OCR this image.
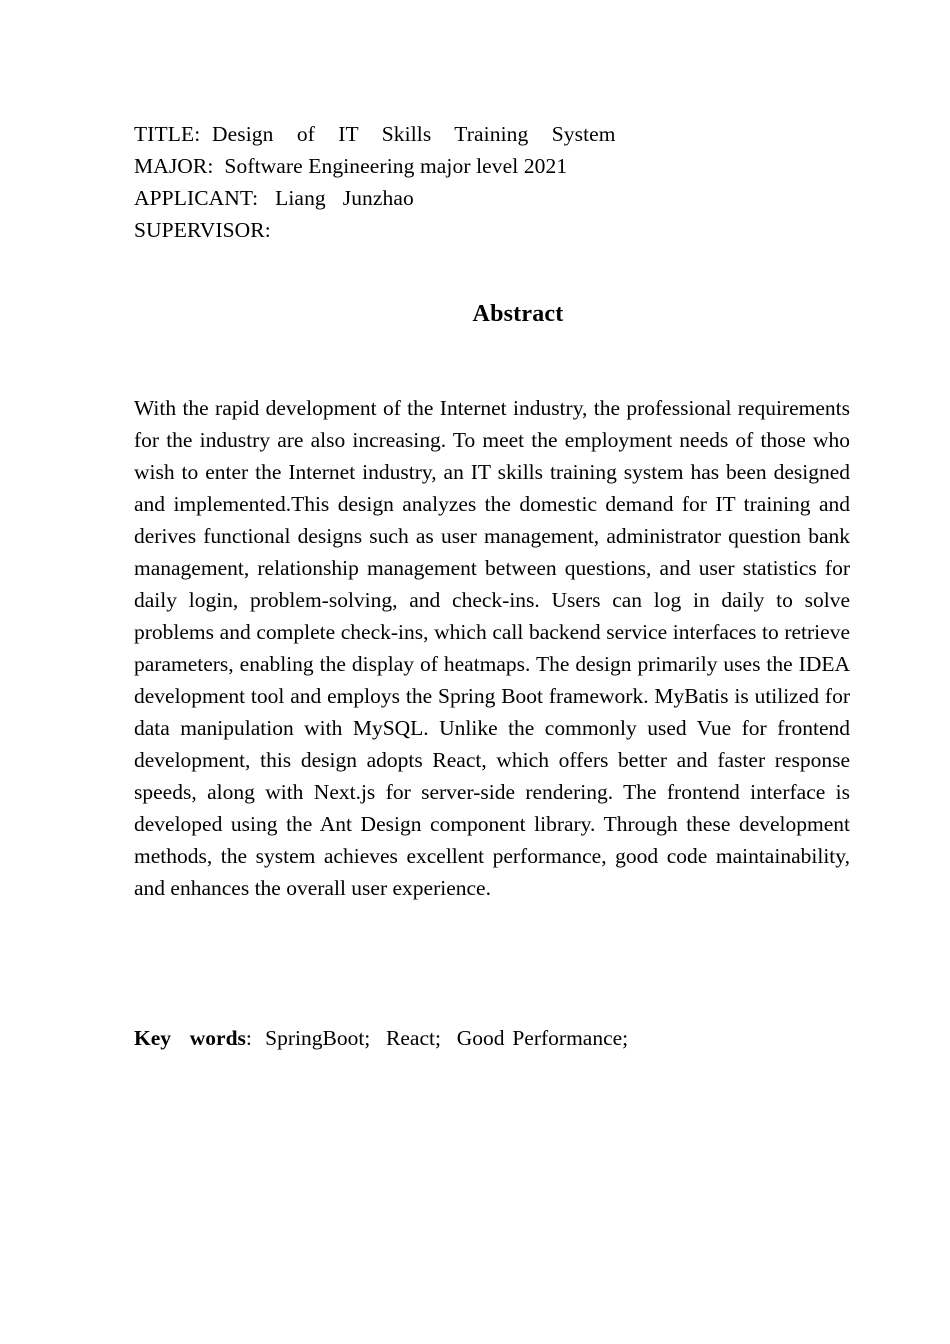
TITLE: Design  of  IT  Skills  Training  System
MAJOR: Software Engineering major level 2021
APPLICANT: Liang  Junzhao
SUPERVISOR:
Abstract
With the rapid development of the Internet industry, the professional requirements for the industry are also increasing. To meet the employment needs of those who wish to enter the Internet industry, an IT skills training system has been designed and implemented.This design analyzes the domestic demand for IT training and derives functional designs such as user management, administrator question bank management, relationship management between questions, and user statistics for daily login, problem-solving, and check-ins. Users can log in daily to solve problems and complete check-ins, which call backend service interfaces to retrieve parameters, enabling the display of heatmaps. The design primarily uses the IDEA development tool and employs the Spring Boot framework. MyBatis is utilized for data manipulation with MySQL. Unlike the commonly used Vue for frontend development, this design adopts React, which offers better and faster response speeds, along with Next.js for server-side rendering. The frontend interface is developed using the Ant Design component library. Through these development methods, the system achieves excellent performance, good code maintainability, and enhances the overall user experience.
Key  words:  SpringBoot;  React;  Good Performance;
